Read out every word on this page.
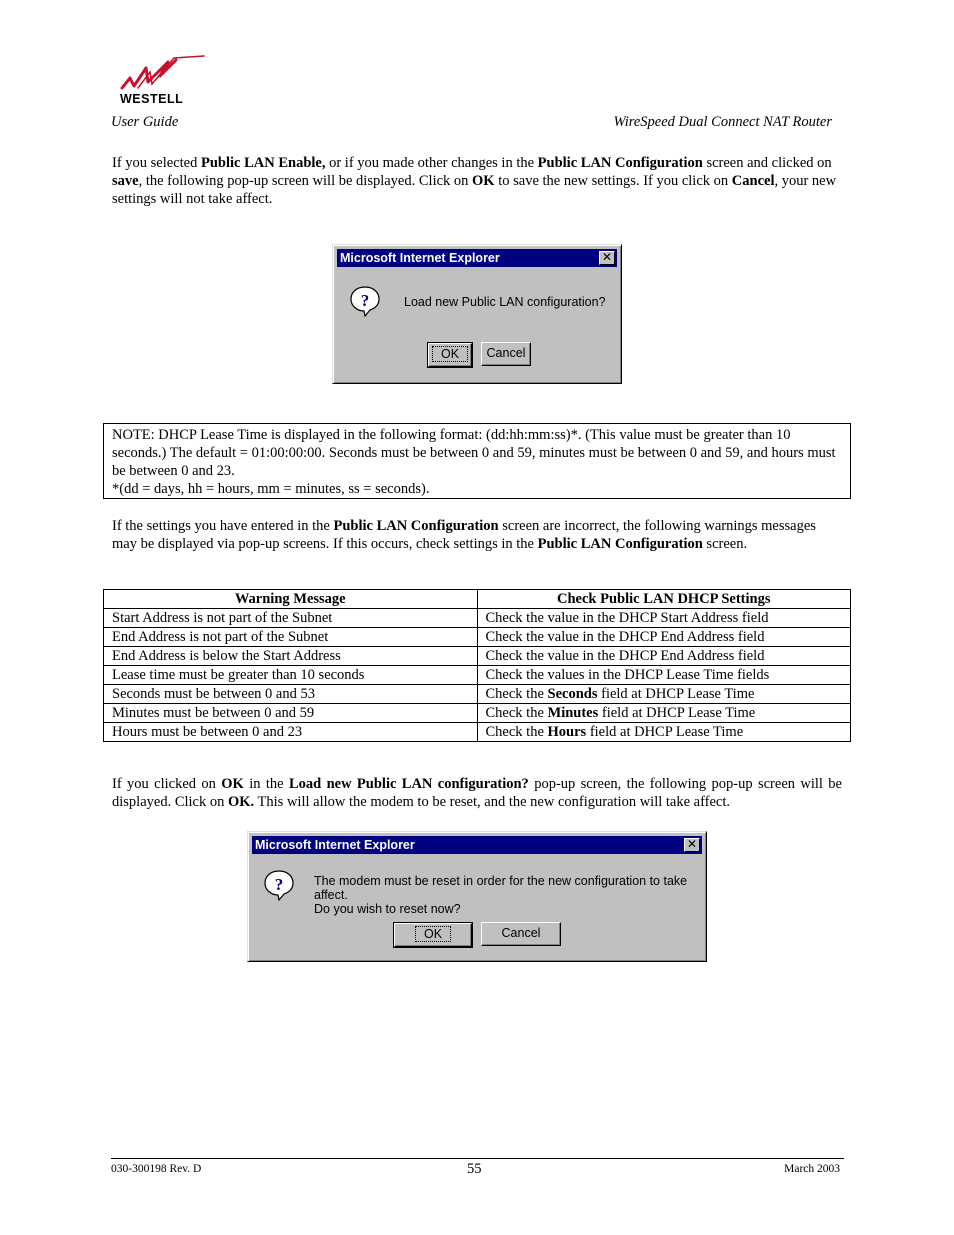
WESTELL
User Guide	WireSpeed Dual Connect NAT Router
If you selected Public LAN Enable, or if you made other changes in the Public LAN Configuration screen and clicked on save, the following pop-up screen will be displayed. Click on OK to save the new settings. If you click on Cancel, your new settings will not take affect.
Microsoft Internet Explorer	✕
?	Load new Public LAN configuration?
OK	Cancel
NOTE: DHCP Lease Time is displayed in the following format: (dd:hh:mm:ss)*. (This value must be greater than 10 seconds.) The default = 01:00:00:00. Seconds must be between 0 and 59, minutes must be between 0 and 59, and hours must be between 0 and 23.
*(dd = days, hh = hours, mm = minutes, ss = seconds).
If the settings you have entered in the Public LAN Configuration screen are incorrect, the following warnings messages may be displayed via pop-up screens. If this occurs, check settings in the Public LAN Configuration screen.
Warning Message	Check Public LAN DHCP Settings
Start Address is not part of the Subnet	Check the value in the DHCP Start Address field
End Address is not part of the Subnet	Check the value in the DHCP End Address field
End Address is below the Start Address	Check the value in the DHCP End Address field
Lease time must be greater than 10 seconds	Check the values in the DHCP Lease Time fields
Seconds must be between 0 and 53	Check the Seconds field at DHCP Lease Time
Minutes must be between 0 and 59	Check the Minutes field at DHCP Lease Time
Hours must be between 0 and 23	Check the Hours field at DHCP Lease Time
If you clicked on OK in the Load new Public LAN configuration? pop-up screen, the following pop-up screen will be displayed. Click on OK. This will allow the modem to be reset, and the new configuration will take affect.
Microsoft Internet Explorer	✕
? The modem must be reset in order for the new configuration to take affect.
Do you wish to reset now?
OK	Cancel
030-300198 Rev. D	55	March 2003
